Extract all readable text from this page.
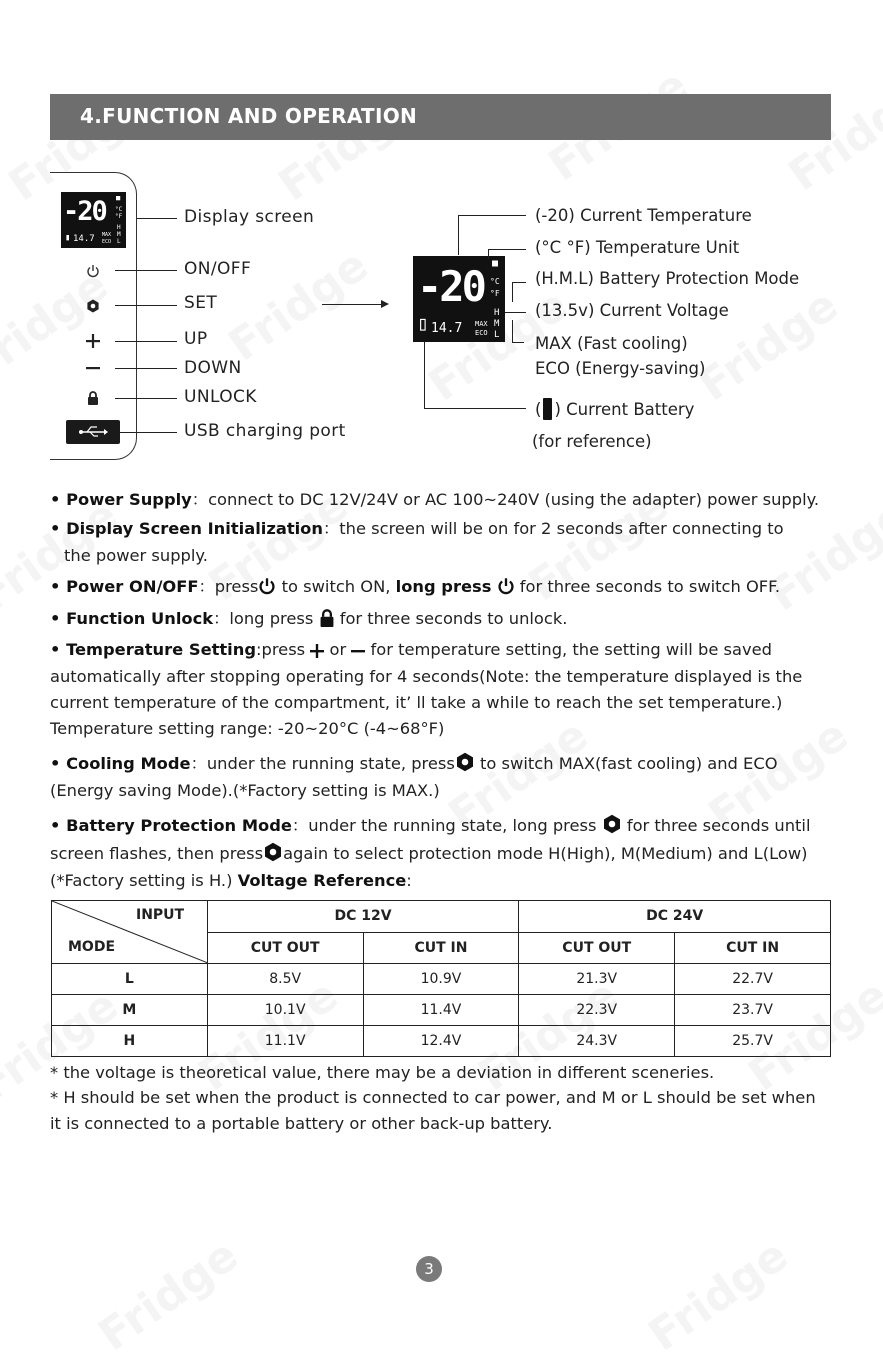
4.FUNCTION AND OPERATION
-20 ■
°C
°F
▮ 14.7 MAX
ECO
H
M
L
Display screen
ON/OFF
SET
UP
DOWN
UNLOCK
USB charging port
-20 ■
°C
°F
▯ 14.7 MAX
ECO
H
M
L
(-20) Current Temperature
(°C °F) Temperature Unit
(H.M.L) Battery Protection Mode
(13.5v) Current Voltage
MAX (Fast cooling)
ECO (Energy-saving)
( ) Current Battery
(for reference)
• Power Supply：connect to DC 12V/24V or AC 100~240V (using the adapter) power supply.
• Display Screen Initialization：the screen will be on for 2 seconds after connecting to
the power supply.
• Power ON/OFF：press to switch ON, long press  for three seconds to switch OFF.
• Function Unlock：long press  for three seconds to unlock.
• Temperature Setting:press  or  for temperature setting, the setting will be saved
automatically after stopping operating for 4 seconds(Note: the temperature displayed is the
current temperature of the compartment, it’ ll take a while to reach the set temperature.)
Temperature setting range: -20~20°C (-4~68°F)
• Cooling Mode：under the running state, press to switch MAX(fast cooling) and ECO
(Energy saving Mode).(*Factory setting is MAX.)
• Battery Protection Mode：under the running state, long press  for three seconds until
screen flashes, then press again to select protection mode H(High), M(Medium) and L(Low)
(*Factory setting is H.) Voltage Reference:
INPUT
MODE	DC 12V		DC 24V	
	CUT OUT	CUT IN	CUT OUT	CUT IN
L	8.5V	10.9V	21.3V	22.7V
M	10.1V	11.4V	22.3V	23.7V
H	11.1V	12.4V	24.3V	25.7V
* the voltage is theoretical value, there may be a deviation in different sceneries.
* H should be set when the product is connected to car power, and M or L should be set when
it is connected to a portable battery or other back-up battery.
3
